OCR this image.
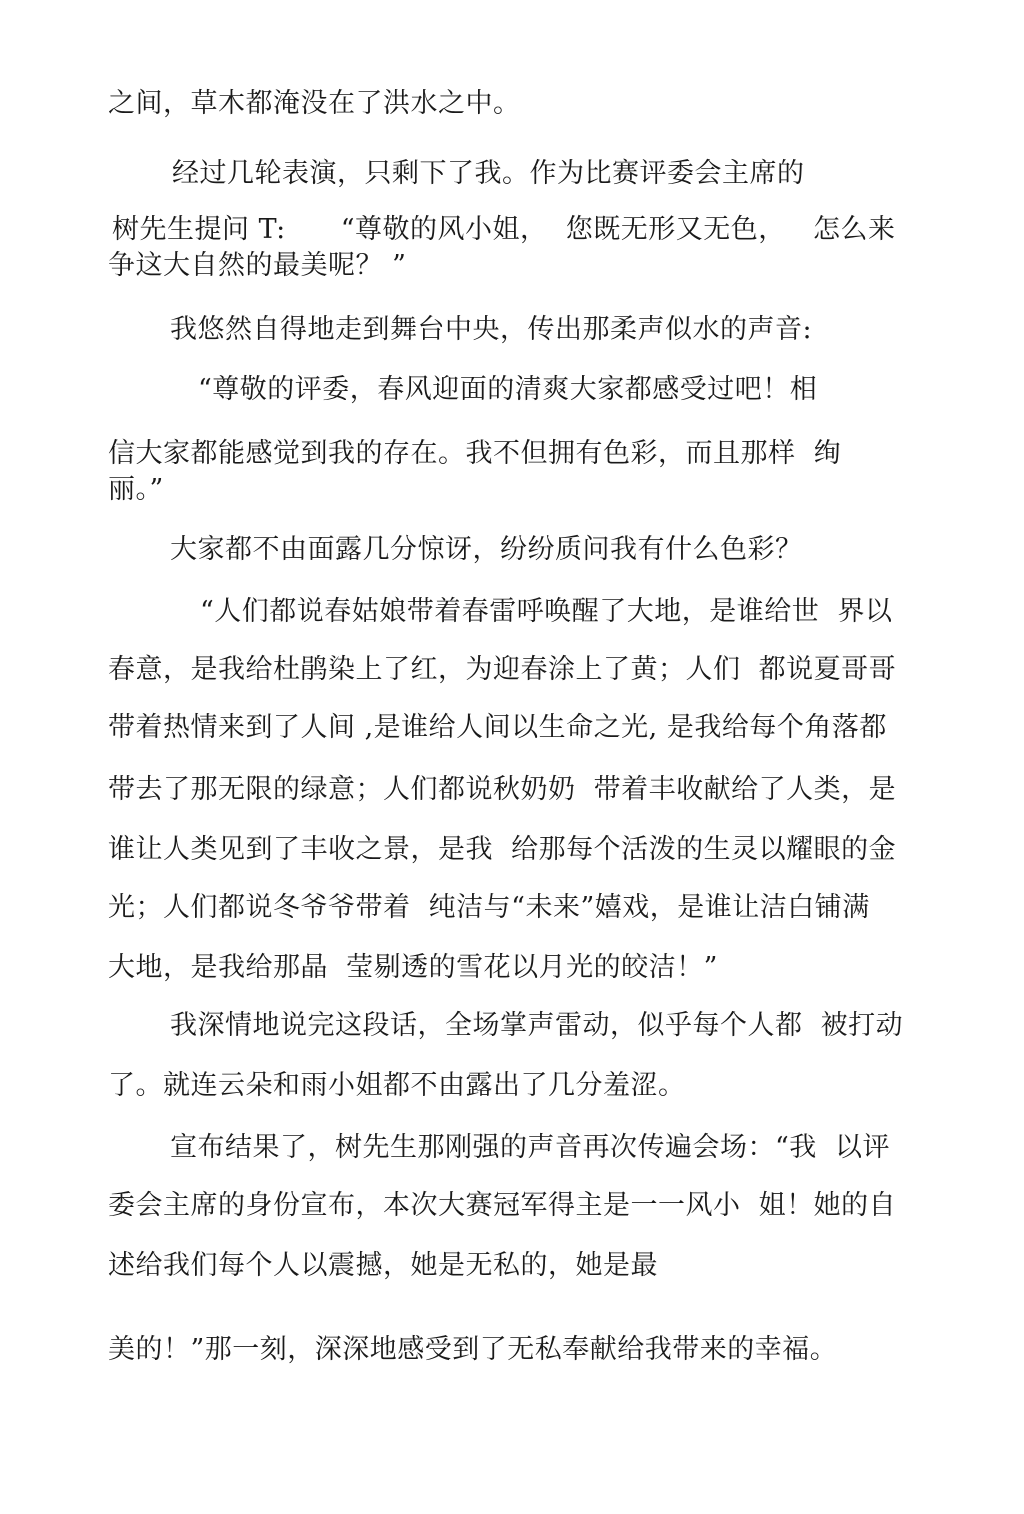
之间，草木都淹没在了洪水之中。

经过几轮表演，只剩下了我。作为比赛评委会主席的

树先生提问 T:　　“尊敬的风小姐，  您既无形又无色，   怎么来

争这大自然的最美呢？ ”

我悠然自得地走到舞台中央，传出那柔声似水的声音:

“尊敬的评委，春风迎面的清爽大家都感受过吧！相

信大家都能感觉到我的存在。我不但拥有色彩，而且那样  绚

丽。”

大家都不由面露几分惊讶，纷纷质问我有什么色彩？

“人们都说春姑娘带着春雷呼唤醒了大地，是谁给世  界以

春意，是我给杜鹃染上了红，为迎春涂上了黄；人们  都说夏哥哥

带着热情来到了人间 ,是谁给人间以生命之光, 是我给每个角落都

带去了那无限的绿意；人们都说秋奶奶  带着丰收献给了人类，是

谁让人类见到了丰收之景，是我  给那每个活泼的生灵以耀眼的金

光；人们都说冬爷爷带着  纯洁与“未来”嬉戏，是谁让洁白铺满

大地，是我给那晶  莹剔透的雪花以月光的皎洁！”

我深情地说完这段话，全场掌声雷动，似乎每个人都  被打动

了。就连云朵和雨小姐都不由露出了几分羞涩。

宣布结果了，树先生那刚强的声音再次传遍会场：“我  以评

委会主席的身份宣布，本次大赛冠军得主是一一风小  姐！她的自

述给我们每个人以震撼，她是无私的，她是最

美的！”那一刻，深深地感受到了无私奉献给我带来的幸福。
